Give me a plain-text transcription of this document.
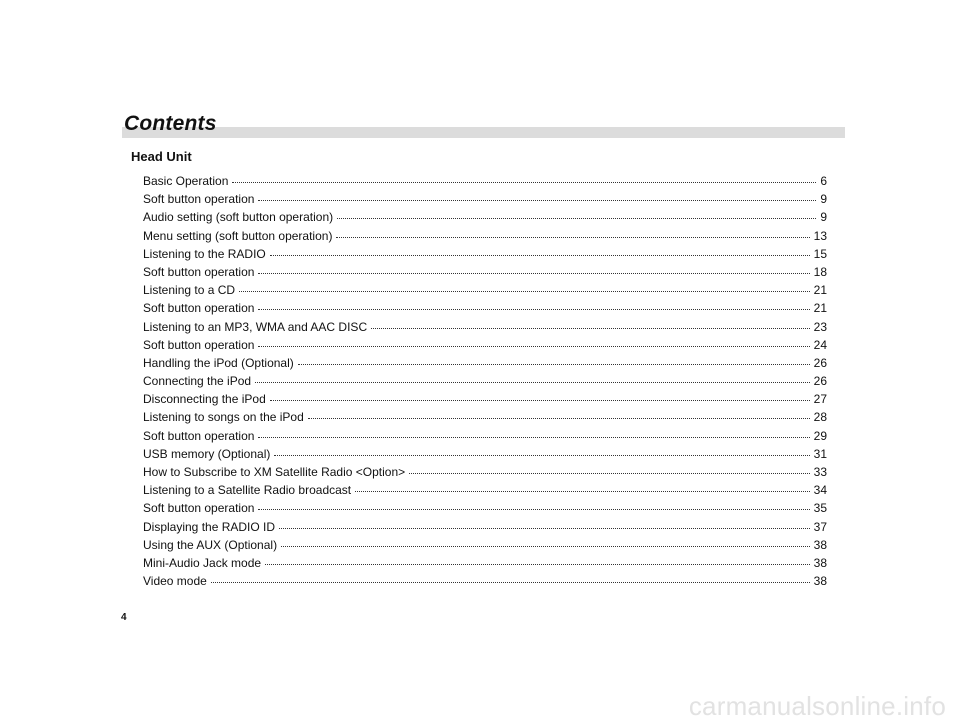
Contents
Head Unit
Basic Operation	6
Soft button operation	9
Audio setting (soft button operation)	9
Menu setting (soft button operation)	13
Listening to the RADIO	15
Soft button operation	18
Listening to a CD	21
Soft button operation	21
Listening to an MP3, WMA and AAC DISC	23
Soft button operation	24
Handling the iPod (Optional)	26
Connecting the iPod	26
Disconnecting the iPod	27
Listening to songs on the iPod	28
Soft button operation	29
USB memory (Optional)	31
How to Subscribe to XM Satellite Radio <Option>	33
Listening to a Satellite Radio broadcast	34
Soft button operation	35
Displaying the RADIO ID	37
Using the AUX (Optional)	38
Mini-Audio Jack mode	38
Video mode	38
4
carmanualsonline.info
